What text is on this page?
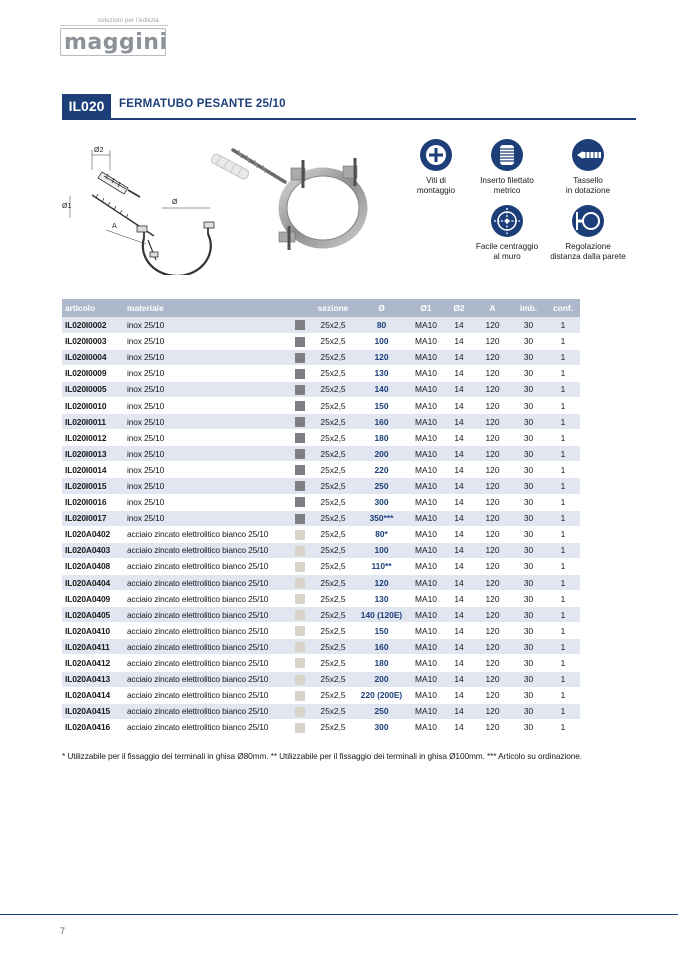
soluzioni per l'edilizia
maggini
IL020	FERMATUBO PESANTE 25/10
Ø2
Ø1
Ø
A
Viti di
montaggio
Inserto filettato
metrico
Tassello
in dotazione
Facile centraggio
al muro
Regolazione
distanza dalla parete
articolo	materiale		sezione	Ø	Ø1	Ø2	A	imb.	conf.
IL020I0002	inox 25/10		25x2,5	80	MA10	14	120	30	1
IL020I0003	inox 25/10		25x2,5	100	MA10	14	120	30	1
IL020I0004	inox 25/10		25x2,5	120	MA10	14	120	30	1
IL020I0009	inox 25/10		25x2,5	130	MA10	14	120	30	1
IL020I0005	inox 25/10		25x2,5	140	MA10	14	120	30	1
IL020I0010	inox 25/10		25x2,5	150	MA10	14	120	30	1
IL020I0011	inox 25/10		25x2,5	160	MA10	14	120	30	1
IL020I0012	inox 25/10		25x2,5	180	MA10	14	120	30	1
IL020I0013	inox 25/10		25x2,5	200	MA10	14	120	30	1
IL020I0014	inox 25/10		25x2,5	220	MA10	14	120	30	1
IL020I0015	inox 25/10		25x2,5	250	MA10	14	120	30	1
IL020I0016	inox 25/10		25x2,5	300	MA10	14	120	30	1
IL020I0017	inox 25/10		25x2,5	350***	MA10	14	120	30	1
IL020A0402	acciaio zincato elettrolitico bianco 25/10		25x2,5	80*	MA10	14	120	30	1
IL020A0403	acciaio zincato elettrolitico bianco 25/10		25x2,5	100	MA10	14	120	30	1
IL020A0408	acciaio zincato elettrolitico bianco 25/10		25x2,5	110**	MA10	14	120	30	1
IL020A0404	acciaio zincato elettrolitico bianco 25/10		25x2,5	120	MA10	14	120	30	1
IL020A0409	acciaio zincato elettrolitico bianco 25/10		25x2,5	130	MA10	14	120	30	1
IL020A0405	acciaio zincato elettrolitico bianco 25/10		25x2,5	140 (120E)	MA10	14	120	30	1
IL020A0410	acciaio zincato elettrolitico bianco 25/10		25x2,5	150	MA10	14	120	30	1
IL020A0411	acciaio zincato elettrolitico bianco 25/10		25x2,5	160	MA10	14	120	30	1
IL020A0412	acciaio zincato elettrolitico bianco 25/10		25x2,5	180	MA10	14	120	30	1
IL020A0413	acciaio zincato elettrolitico bianco 25/10		25x2,5	200	MA10	14	120	30	1
IL020A0414	acciaio zincato elettrolitico bianco 25/10		25x2,5	220 (200E)	MA10	14	120	30	1
IL020A0415	acciaio zincato elettrolitico bianco 25/10		25x2,5	250	MA10	14	120	30	1
IL020A0416	acciaio zincato elettrolitico bianco 25/10		25x2,5	300	MA10	14	120	30	1
* Utilizzabile per il fissaggio dei terminali in ghisa Ø80mm. ** Utilizzabile per il fissaggio dei terminali in ghisa Ø100mm. *** Articolo su ordinazione.
7
